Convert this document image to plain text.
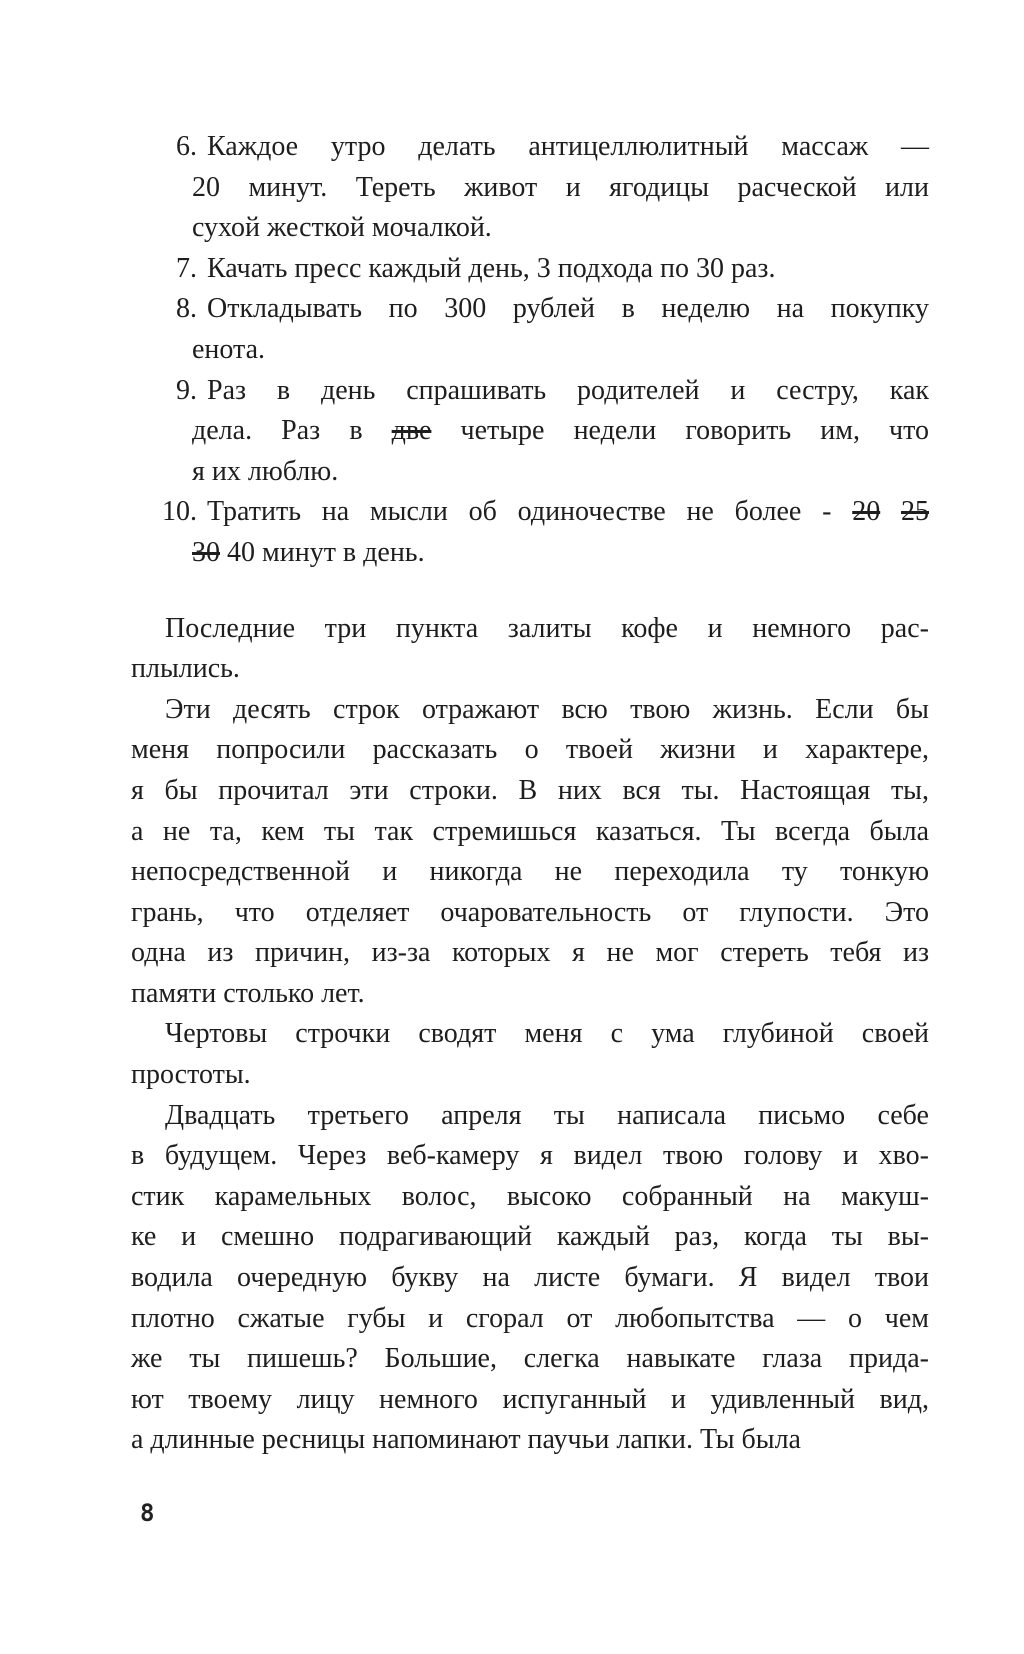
6. Каждое утро делать антицеллюлитный массаж —
20 минут. Тереть живот и ягодицы расческой или
сухой жесткой мочалкой.
7. Качать пресс каждый день, 3 подхода по 30 раз.
8. Откладывать по 300 рублей в неделю на покупку
енота.
9. Раз в день спрашивать родителей и сестру, как
дела. Раз в две четыре недели говорить им, что
я их люблю.
10. Тратить на мысли об одиночестве не более - 20 25
30 40 минут в день.
Последние три пункта залиты кофе и немного рас-
плылись.
Эти десять строк отражают всю твою жизнь. Если бы
меня попросили рассказать о твоей жизни и характере,
я бы прочитал эти строки. В них вся ты. Настоящая ты,
а не та, кем ты так стремишься казаться. Ты всегда была
непосредственной и никогда не переходила ту тонкую
грань, что отделяет очаровательность от глупости. Это
одна из причин, из-за которых я не мог стереть тебя из
памяти столько лет.
Чертовы строчки сводят меня с ума глубиной своей
простоты.
Двадцать третьего апреля ты написала письмо себе
в будущем. Через веб-камеру я видел твою голову и хво-
стик карамельных волос, высоко собранный на макуш-
ке и смешно подрагивающий каждый раз, когда ты вы-
водила очередную букву на листе бумаги. Я видел твои
плотно сжатые губы и сгорал от любопытства — о чем
же ты пишешь? Большие, слегка навыкате глаза прида-
ют твоему лицу немного испуганный и удивленный вид,
а длинные ресницы напоминают паучьи лапки. Ты была
8
